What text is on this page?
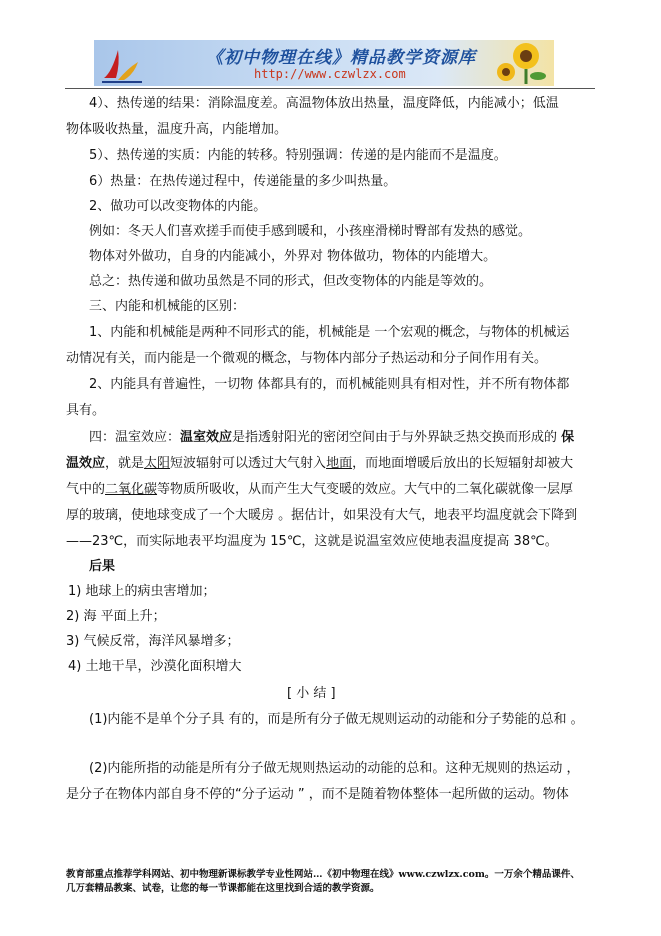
《初中物理在线》精品教学资源库
http://www.czwlzx.com
4）、热传递的结果：消除温度差。高温物体放出热量，温度降低，内能减小；低温
物体吸收热量，温度升高，内能增加。
5）、热传递的实质：内能的转移。特别强调：传递的是内能而不是温度。
6）热量：在热传递过程中，传递能量的多少叫热量。
2、做功可以改变物体的内能。
例如：冬天人们喜欢搓手而使手感到暖和，小孩座滑梯时臀部有发热的感觉。
物体对外做功，自身的内能减小，外界对 物体做功，物体的内能增大。
总之：热传递和做功虽然是不同的形式，但改变物体的内能是等效的。
三、内能和机械能的区别：
1、内能和机械能是两种不同形式的能，机械能是 一个宏观的概念，与物体的机械运
动情况有关，而内能是一个微观的概念，与物体内部分子热运动和分子间作用有关。
2、内能具有普遍性，一切物 体都具有的，而机械能则具有相对性，并不所有物体都
具有。
四：温室效应：温室效应是指透射阳光的密闭空间由于与外界缺乏热交换而形成的 保
温效应，就是太阳短波辐射可以透过大气射入地面，而地面增暖后放出的长短辐射却被大
气中的二氧化碳等物质所吸收，从而产生大气变暖的效应。大气中的二氧化碳就像一层厚
厚的玻璃，使地球变成了一个大暖房 。据估计，如果没有大气，地表平均温度就会下降到
——23℃，而实际地表平均温度为 15℃，这就是说温室效应使地表温度提高 38℃。
后果
1) 地球上的病虫害增加；
2) 海 平面上升；
3) 气候反常，海洋风暴增多；
4) 土地干旱，沙漠化面积增大
[ 小 结 ]
(1)内能不是单个分子具 有的，而是所有分子做无规则运动的动能和分子势能的总和 。
(2)内能所指的动能是所有分子做无规则热运动的动能的总和。这种无规则的热运动 ，
是分子在物体内部自身不停的“分子运动 ” ，而不是随着物体整体一起所做的运动。物体
教育部重点推荐学科网站、初中物理新课标教学专业性网站…《初中物理在线》www.czwlzx.com。一万余个精品课件、
几万套精品教案、试卷，让您的每一节课都能在这里找到合适的教学资源。
